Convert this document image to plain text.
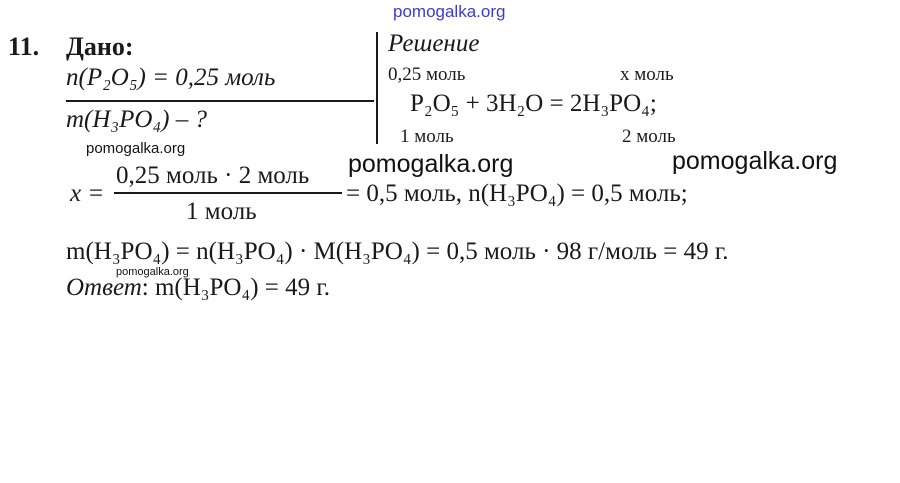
pomogalka.org
11. Дано:
n(P₂O₅) = 0,25 моль
m(H₃PO₄) – ?
pomogalka.org
Решение
0,25 моль	x моль
P₂O₅ + 3H₂O = 2H₃PO₄;
1 моль	2 моль
pomogalka.org	pomogalka.org
x =
0,25 моль · 2 моль
1 моль
= 0,5 моль, n(H₃PO₄) = 0,5 моль;
m(H₃PO₄) = n(H₃PO₄) · M(H₃PO₄) = 0,5 моль · 98 г/моль = 49 г.
pomogalka.org
Ответ: m(H₃PO₄) = 49 г.
